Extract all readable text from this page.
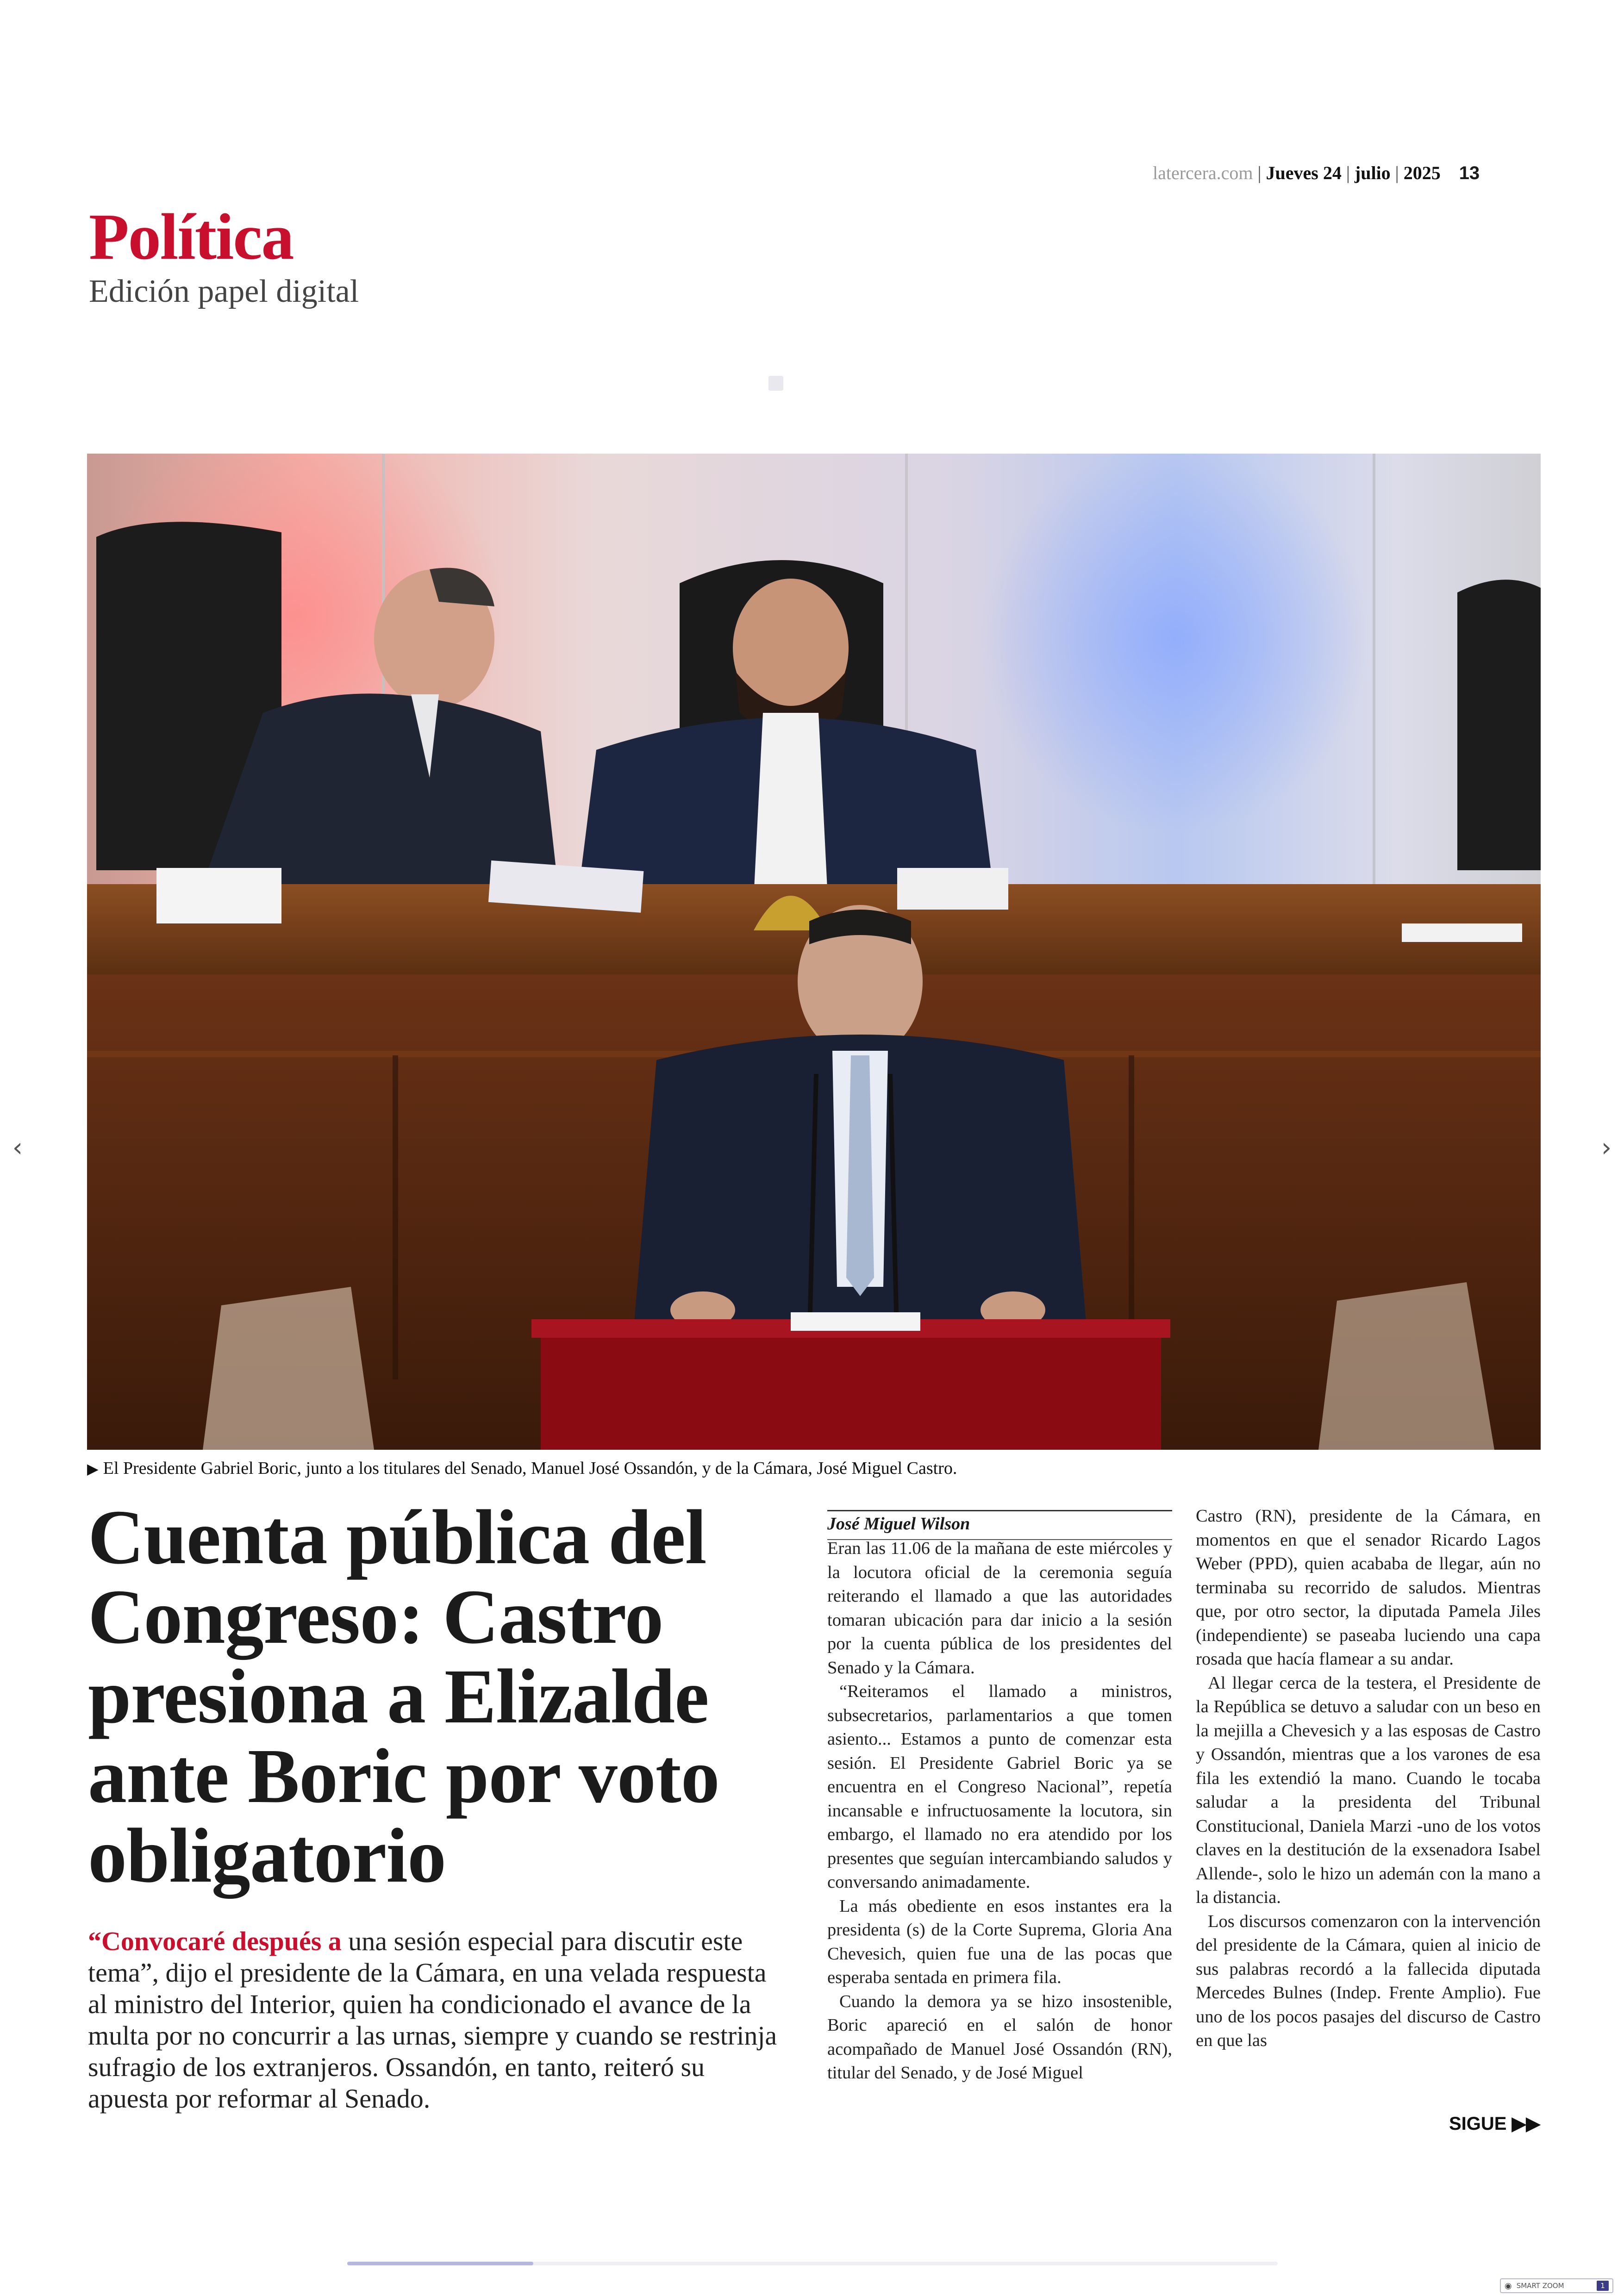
latercera.com | Jueves 24 | julio | 2025 13
Política
Edición papel digital
▶ El Presidente Gabriel Boric, junto a los titulares del Senado, Manuel José Ossandón, y de la Cámara, José Miguel Castro.
Cuenta pública del Congreso: Castro presiona a Elizalde ante Boric por voto obligatorio
“Convocaré después a una sesión especial para discutir este tema”, dijo el presidente de la Cámara, en una velada respuesta al ministro del Interior, quien ha condicionado el avance de la multa por no concurrir a las urnas, siempre y cuando se restrinja sufragio de los extranjeros. Ossandón, en tanto, reiteró su apuesta por reformar al Senado.
José Miguel Wilson

Eran las 11.06 de la mañana de este miércoles y la locutora oficial de la ceremonia seguía reiterando el llamado a que las autoridades tomaran ubicación para dar inicio a la sesión por la cuenta pública de los presidentes del Senado y la Cámara.

“Reiteramos el llamado a ministros, subsecretarios, parlamentarios a que tomen asiento... Estamos a punto de comenzar esta sesión. El Presidente Gabriel Boric ya se encuentra en el Congreso Nacional”, repetía incansable e infructuosamente la locutora, sin embargo, el llamado no era atendido por los presentes que seguían intercambiando saludos y conversando animadamente.

La más obediente en esos instantes era la presidenta (s) de la Corte Suprema, Gloria Ana Chevesich, quien fue una de las pocas que esperaba sentada en primera fila.

Cuando la demora ya se hizo insostenible, Boric apareció en el salón de honor acompañado de Manuel José Ossandón (RN), titular del Senado, y de José Miguel

Castro (RN), presidente de la Cámara, en momentos en que el senador Ricardo Lagos Weber (PPD), quien acababa de llegar, aún no terminaba su recorrido de saludos. Mientras que, por otro sector, la diputada Pamela Jiles (independiente) se paseaba luciendo una capa rosada que hacía flamear a su andar.

Al llegar cerca de la testera, el Presidente de la República se detuvo a saludar con un beso en la mejilla a Chevesich y a las esposas de Castro y Ossandón, mientras que a los varones de esa fila les extendió la mano. Cuando le tocaba saludar a la presidenta del Tribunal Constitucional, Daniela Marzi -uno de los votos claves en la destitución de la exsenadora Isabel Allende-, solo le hizo un ademán con la mano a la distancia.

Los discursos comenzaron con la intervención del presidente de la Cámara, quien al inicio de sus palabras recordó a la fallecida diputada Mercedes Bulnes (Indep. Frente Amplio). Fue uno de los pocos pasajes del discurso de Castro en que las

SIGUE ▶▶
‹	›
◉ SMART ZOOM	1
